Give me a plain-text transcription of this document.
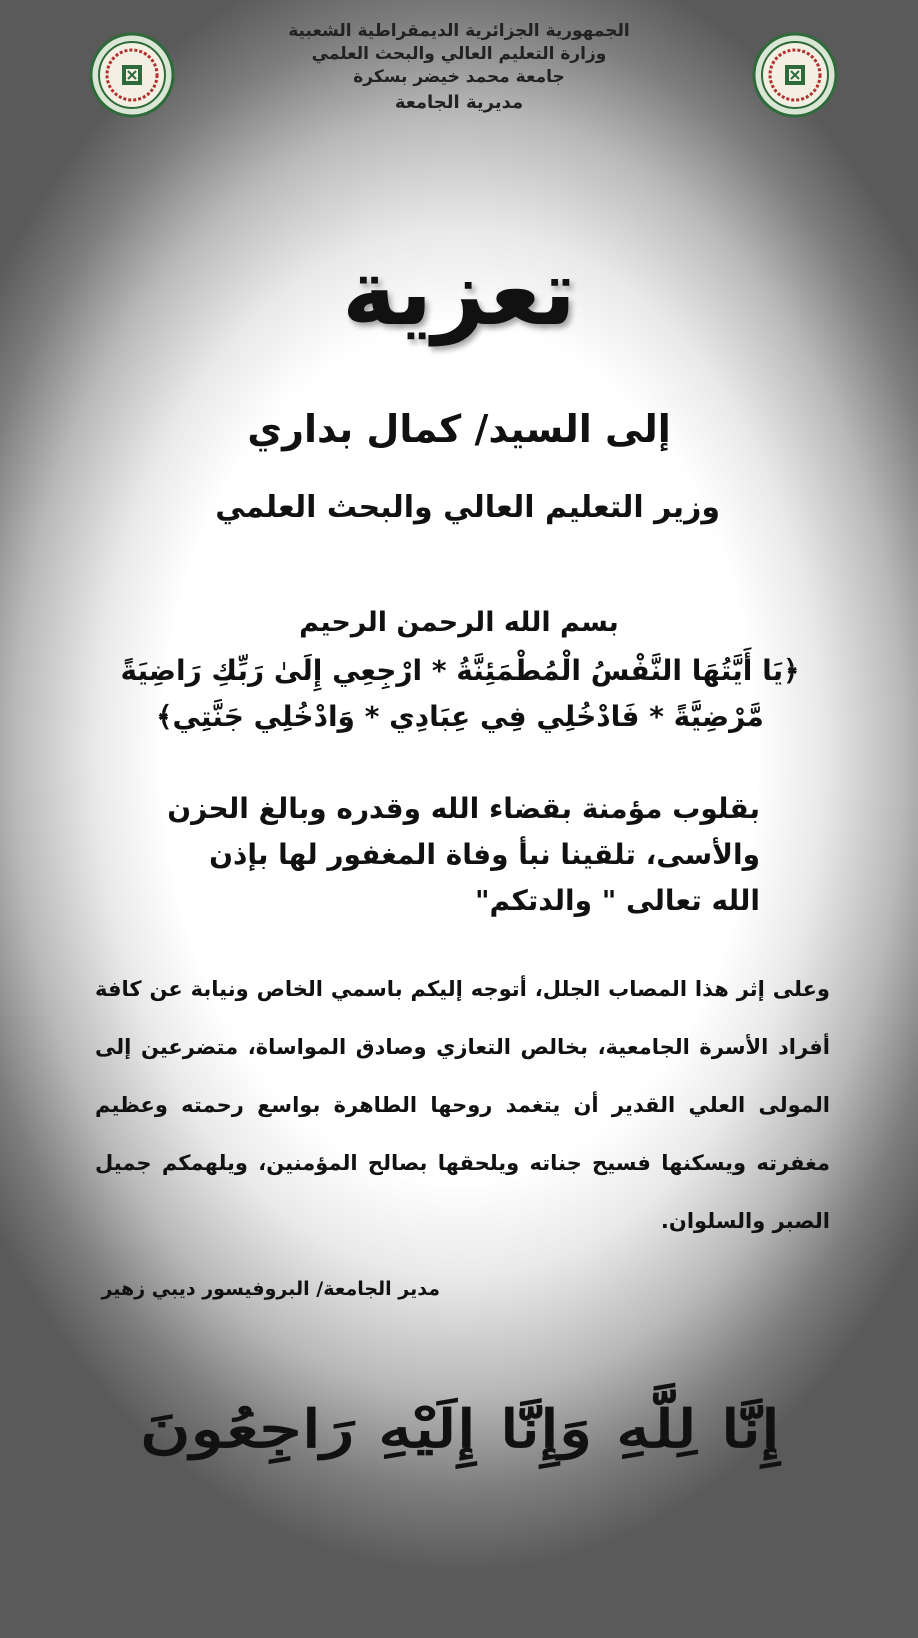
الجمهورية الجزائرية الديمقراطية الشعبية
وزارة التعليم العالي والبحث العلمي
جامعة محمد خيضر بسكرة
مديرية الجامعة
تعزية
إلى السيد/ كمال بداري
وزير التعليم العالي والبحث العلمي
بسم الله الرحمن الرحيم
﴿يَا أَيَّتُهَا النَّفْسُ الْمُطْمَئِنَّةُ * ارْجِعِي إِلَىٰ رَبِّكِ رَاضِيَةً مَّرْضِيَّةً * فَادْخُلِي فِي عِبَادِي * وَادْخُلِي جَنَّتِي﴾
بقلوب مؤمنة بقضاء الله وقدره وبالغ الحزن والأسى، تلقينا نبأ وفاة المغفور لها بإذن الله تعالى " والدتكم"
وعلى إثر هذا المصاب الجلل، أتوجه إليكم باسمي الخاص ونيابة عن كافة أفراد الأسرة الجامعية، بخالص التعازي وصادق المواساة، متضرعين إلى المولى العلي القدير أن يتغمد روحها الطاهرة بواسع رحمته وعظيم مغفرته ويسكنها فسيح جناته ويلحقها بصالح المؤمنين، ويلهمكم جميل الصبر والسلوان.
مدير الجامعة/ البروفيسور ديبي زهير
إِنَّا لِلَّهِ وَإِنَّا إِلَيْهِ رَاجِعُونَ
